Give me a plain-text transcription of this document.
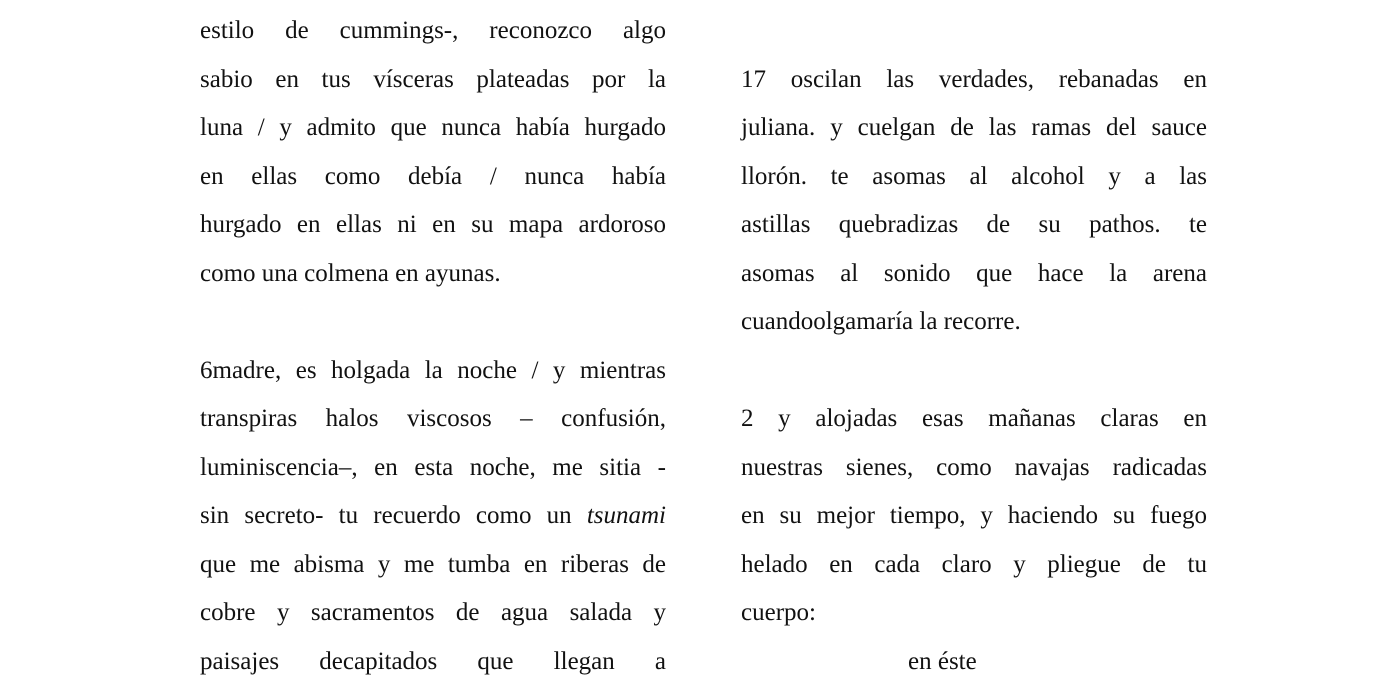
estilo de cummings-, reconozco algo
sabio en tus vísceras plateadas por la
luna / y admito que nunca había hurgado
en ellas como debía / nunca había
hurgado en ellas ni en su mapa ardoroso
como una colmena en ayunas.
6madre, es holgada la noche / y mientras
transpiras halos viscosos – confusión,
luminiscencia–, en esta noche, me sitia -
sin secreto- tu recuerdo como un tsunami
que me abisma y me tumba en riberas de
cobre y sacramentos de agua salada y
paisajes decapitados que llegan a
17 oscilan las verdades, rebanadas en
juliana. y cuelgan de las ramas del sauce
llorón. te asomas al alcohol y a las
astillas quebradizas de su pathos. te
asomas al sonido que hace la arena
cuandoolgamaría la recorre.
2 y alojadas esas mañanas claras en
nuestras sienes, como navajas radicadas
en su mejor tiempo, y haciendo su fuego
helado en cada claro y pliegue de tu
cuerpo:
en éste
